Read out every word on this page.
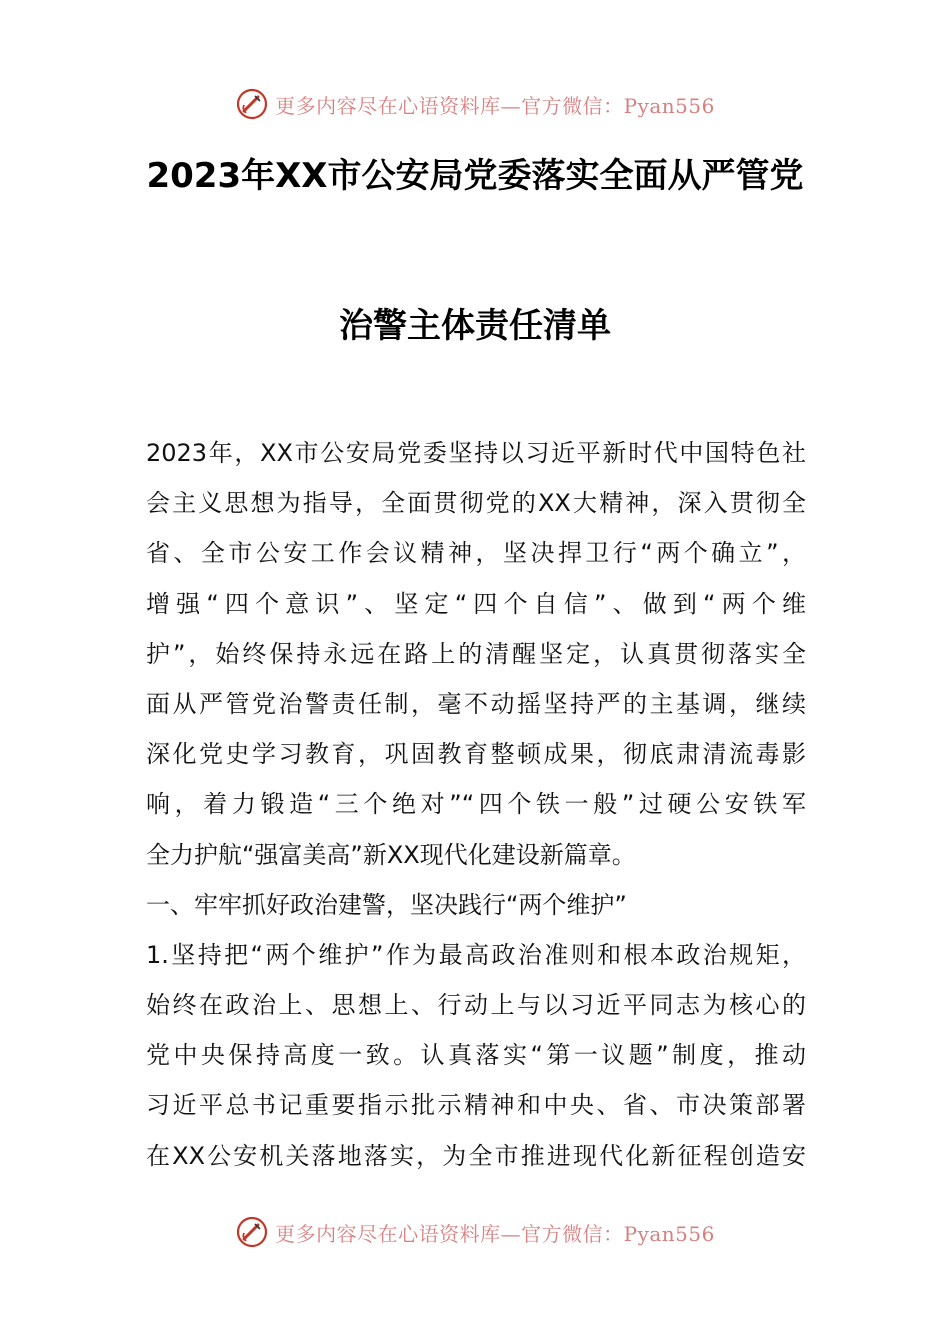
更多内容尽在心语资料库—官方微信：Pyan556
2023年XX市公安局党委落实全面从严管党
治警主体责任清单
2023年，XX市公安局党委坚持以习近平新时代中国特色社
会主义思想为指导，全面贯彻党的XX大精神，深入贯彻全
省、全市公安工作会议精神，坚决捍卫行“两个确立”，
增强“四个意识”、坚定“四个自信”、做到“两个维
护”，始终保持永远在路上的清醒坚定，认真贯彻落实全
面从严管党治警责任制，毫不动摇坚持严的主基调，继续
深化党史学习教育，巩固教育整顿成果，彻底肃清流毒影
响，着力锻造“三个绝对”“四个铁一般”过硬公安铁军
全力护航“强富美高”新XX现代化建设新篇章。
一、牢牢抓好政治建警，坚决践行“两个维护”
1.坚持把“两个维护”作为最高政治准则和根本政治规矩，
始终在政治上、思想上、行动上与以习近平同志为核心的
党中央保持高度一致。认真落实“第一议题”制度，推动
习近平总书记重要指示批示精神和中央、省、市决策部署
在XX公安机关落地落实，为全市推进现代化新征程创造安
更多内容尽在心语资料库—官方微信：Pyan556
